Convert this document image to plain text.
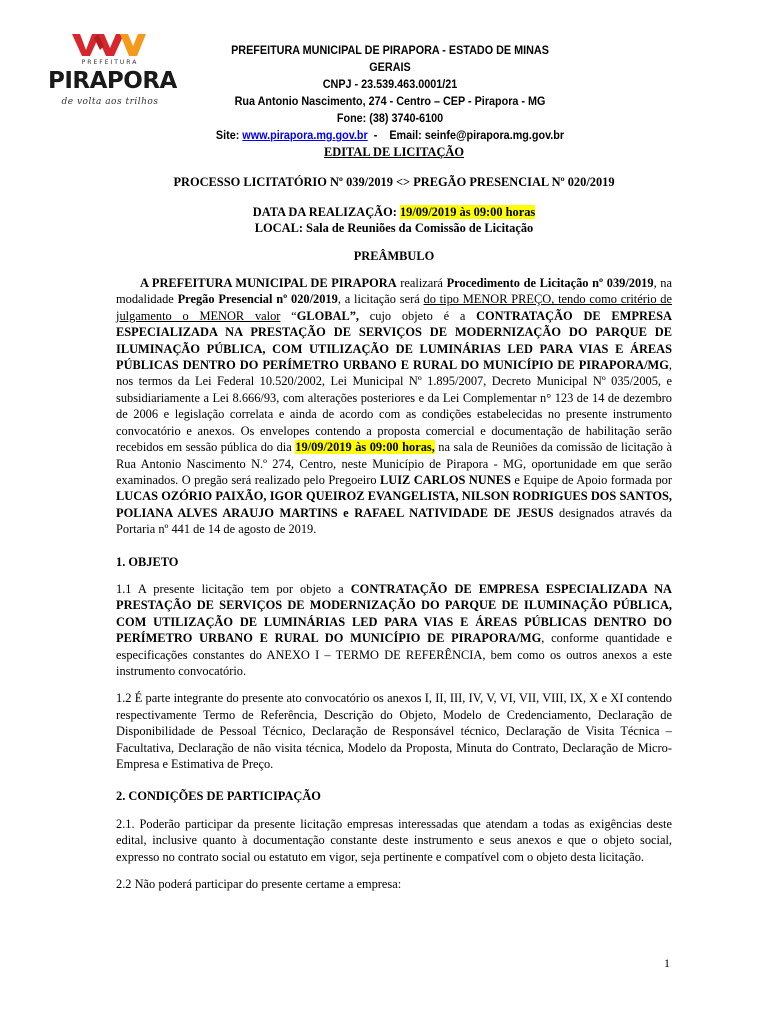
PREFEITURA
PIRAPORA
de volta aos trilhos
PREFEITURA MUNICIPAL DE PIRAPORA - ESTADO DE MINAS GERAIS
CNPJ - 23.539.463.0001/21
Rua Antonio Nascimento, 274 - Centro – CEP - Pirapora - MG
Fone: (38) 3740-6100
Site: www.pirapora.mg.gov.br  -    Email: seinfe@pirapora.mg.gov.br
EDITAL DE LICITAÇÃO
PROCESSO LICITATÓRIO Nº 039/2019 <> PREGÃO PRESENCIAL Nº 020/2019
DATA DA REALIZAÇÃO: 19/09/2019 às 09:00 horas
LOCAL: Sala de Reuniões da Comissão de Licitação
PREÂMBULO

A PREFEITURA MUNICIPAL DE PIRAPORA realizará Procedimento de Licitação nº 039/2019, na modalidade Pregão Presencial nº 020/2019, a licitação será do tipo MENOR PREÇO, tendo como critério de julgamento o MENOR valor “GLOBAL”, cujo objeto é a CONTRATAÇÃO DE EMPRESA ESPECIALIZADA NA PRESTAÇÃO DE SERVIÇOS DE MODERNIZAÇÃO DO PARQUE DE ILUMINAÇÃO PÚBLICA, COM UTILIZAÇÃO DE LUMINÁRIAS LED PARA VIAS E ÁREAS PÚBLICAS DENTRO DO PERÍMETRO URBANO E RURAL DO MUNICÍPIO DE PIRAPORA/MG, nos termos da Lei Federal 10.520/2002, Lei Municipal Nº 1.895/2007, Decreto Municipal Nº 035/2005, e subsidiariamente a Lei 8.666/93, com alterações posteriores e da Lei Complementar n° 123 de 14 de dezembro de 2006 e legislação correlata e ainda de acordo com as condições estabelecidas no presente instrumento convocatório e anexos. Os envelopes contendo a proposta comercial e documentação de habilitação serão recebidos em sessão pública do dia 19/09/2019 às 09:00 horas, na sala de Reuniões da comissão de licitação à Rua Antonio Nascimento N.º 274, Centro, neste Município de Pirapora - MG, oportunidade em que serão examinados. O pregão será realizado pelo Pregoeiro LUIZ CARLOS NUNES e Equipe de Apoio formada por LUCAS OZÓRIO PAIXÃO, IGOR QUEIROZ EVANGELISTA, NILSON RODRIGUES DOS SANTOS, POLIANA ALVES ARAUJO MARTINS e RAFAEL NATIVIDADE DE JESUS designados através da Portaria nº 441 de 14 de agosto de 2019.

1. OBJETO

1.1 A presente licitação tem por objeto a CONTRATAÇÃO DE EMPRESA ESPECIALIZADA NA PRESTAÇÃO DE SERVIÇOS DE MODERNIZAÇÃO DO PARQUE DE ILUMINAÇÃO PÚBLICA, COM UTILIZAÇÃO DE LUMINÁRIAS LED PARA VIAS E ÁREAS PÚBLICAS DENTRO DO PERÍMETRO URBANO E RURAL DO MUNICÍPIO DE PIRAPORA/MG, conforme quantidade e especificações constantes do ANEXO I – TERMO DE REFERÊNCIA, bem como os outros anexos a este instrumento convocatório.

1.2 É parte integrante do presente ato convocatório os anexos I, II, III, IV, V, VI, VII, VIII, IX, X e XI contendo respectivamente Termo de Referência, Descrição do Objeto, Modelo de Credenciamento, Declaração de Disponibilidade de Pessoal Técnico, Declaração de Responsável técnico, Declaração de Visita Técnica – Facultativa, Declaração de não visita técnica, Modelo da Proposta, Minuta do Contrato, Declaração de Micro-Empresa e Estimativa de Preço.

2. CONDIÇÕES DE PARTICIPAÇÃO

2.1. Poderão participar da presente licitação empresas interessadas que atendam a todas as exigências deste edital, inclusive quanto à documentação constante deste instrumento e seus anexos e que o objeto social, expresso no contrato social ou estatuto em vigor, seja pertinente e compatível com o objeto desta licitação.

2.2 Não poderá participar do presente certame a empresa:

1
